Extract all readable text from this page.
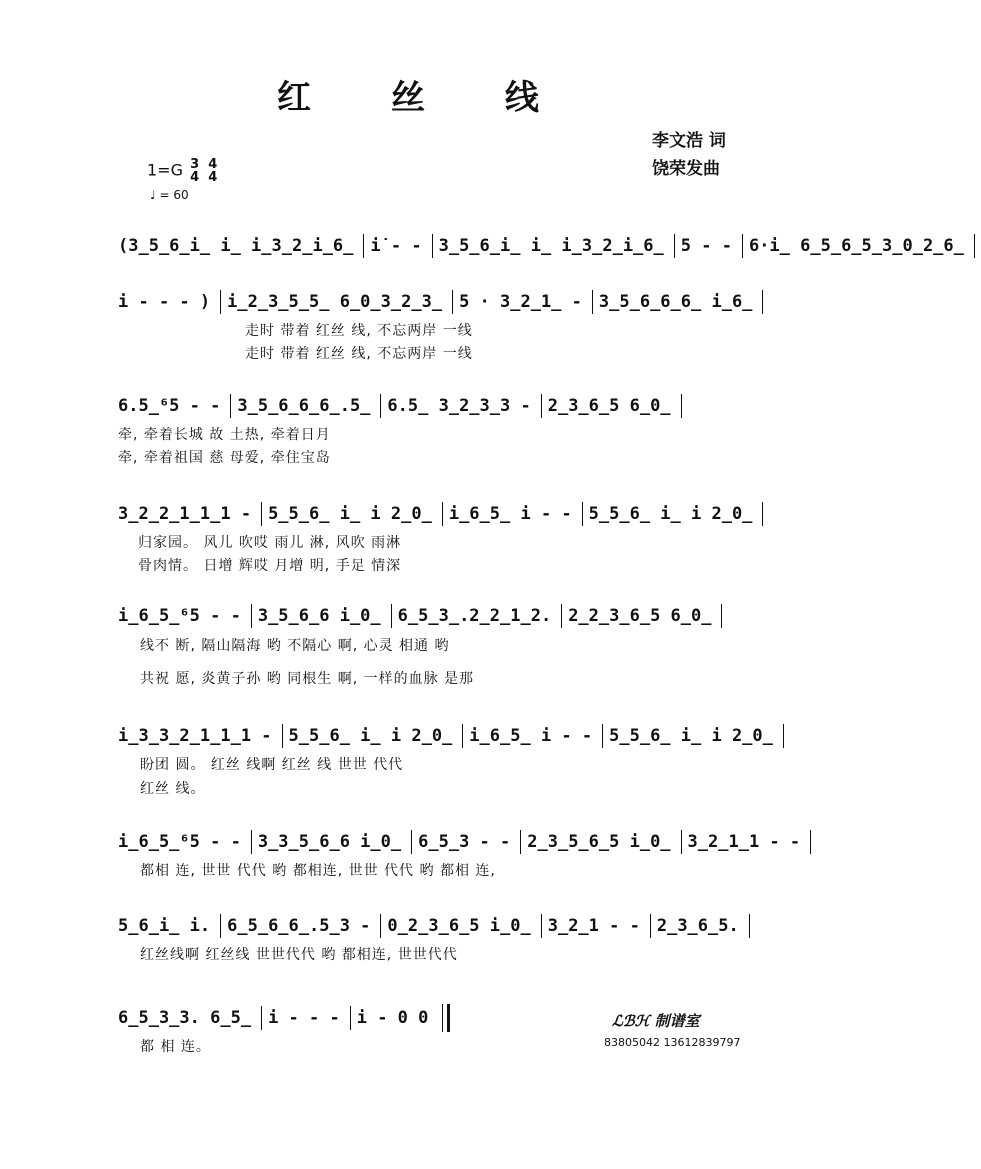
红 丝 线
李文浩 词
饶荣发曲
1=G 3
4

4
4
♩ = 60
(3̲5̲6̲i̲ i̲ i̲3̲2̲i̲6̲ i̇ - - 3̲5̲6̲i̲ i̲ i̲3̲2̲i̲6̲ 5 - - 6·i̲ 6̲5̲6̲5̲3̲0̲2̲6̲
i - - - ) i̲2̲3̲5̲5̲ 6̲0̲3̲2̲3̲ 5 · 3̲2̲1̲ - 3̲5̲6̲6̲6̲ i̲6̲
走时 带着 红丝 线, 不忘两岸 一线
走时 带着 红丝 线, 不忘两岸 一线
6.5̲⁶5 - - 3̲5̲6̲6̲6̲.5̲ 6.5̲ 3̲2̲3̲3 - 2̲3̲6̲5 6̲0̲
牵, 牵着长城 故 土热, 牵着日月
牵, 牵着祖国 慈 母爱, 牵住宝岛
3̲2̲2̲1̲1̲1 - 5̲5̲6̲ i̲ i 2̲0̲ i̲6̲5̲ i - - 5̲5̲6̲ i̲ i 2̲0̲
归家园。 风儿 吹哎 雨儿 淋, 风吹 雨淋
骨肉情。 日增 辉哎 月增 明, 手足 情深
i̲6̲5̲⁶5 - - 3̲5̲6̲6 i̲0̲ 6̲5̲3̲.2̲2̲1̲2. 2̲2̲3̲6̲5 6̲0̲
线不 断, 隔山隔海 哟 不隔心 啊, 心灵 相通 哟
共祝 愿, 炎黄子孙 哟 同根生 啊, 一样的血脉 是那
i̲3̲3̲2̲1̲1̲1 - 5̲5̲6̲ i̲ i 2̲0̲ i̲6̲5̲ i - - 5̲5̲6̲ i̲ i 2̲0̲
盼团 圆。 红丝 线啊 红丝 线 世世 代代
红丝 线。
i̲6̲5̲⁶5 - - 3̲3̲5̲6̲6 i̲0̲ 6̲5̲3 - - 2̲3̲5̲6̲5 i̲0̲ 3̲2̲1̲1 - -
都相 连, 世世 代代 哟 都相连, 世世 代代 哟 都相 连,
5̲6̲i̲ i. 6̲5̲6̲6̲.5̲3 - 0̲2̲3̲6̲5 i̲0̲ 3̲2̲1 - - 2̲3̲6̲5.
红丝线啊 红丝线 世世代代 哟 都相连, 世世代代
6̲5̲3̲3. 6̲5̲ i - - - i - 0 0
都 相 连。
ℒℬℋ 制谱室
83805042 13612839797
